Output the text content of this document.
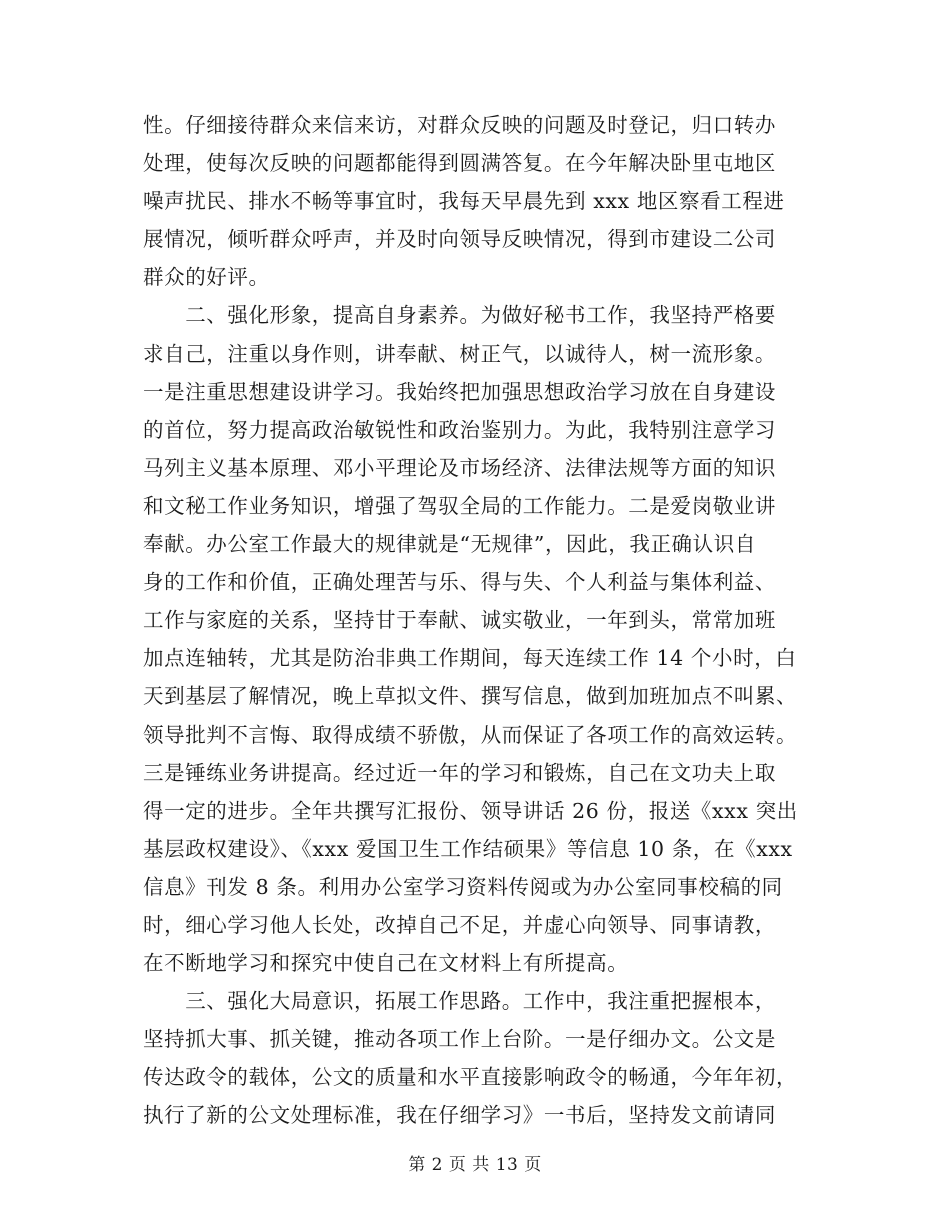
性。仔细接待群众来信来访，对群众反映的问题及时登记，归口转办
处理，使每次反映的问题都能得到圆满答复。在今年解决卧里屯地区
噪声扰民、排水不畅等事宜时，我每天早晨先到 xxx 地区察看工程进
展情况，倾听群众呼声，并及时向领导反映情况，得到市建设二公司
群众的好评。
　　二、强化形象，提高自身素养。为做好秘书工作，我坚持严格要
求自己，注重以身作则，讲奉献、树正气，以诚待人，树一流形象。
一是注重思想建设讲学习。我始终把加强思想政治学习放在自身建设
的首位，努力提高政治敏锐性和政治鉴别力。为此，我特别注意学习
马列主义基本原理、邓小平理论及市场经济、法律法规等方面的知识
和文秘工作业务知识，增强了驾驭全局的工作能力。二是爱岗敬业讲
奉献。办公室工作最大的规律就是“无规律”，因此，我正确认识自
身的工作和价值，正确处理苦与乐、得与失、个人利益与集体利益、
工作与家庭的关系，坚持甘于奉献、诚实敬业，一年到头，常常加班
加点连轴转，尤其是防治非典工作期间，每天连续工作 14 个小时，白
天到基层了解情况，晚上草拟文件、撰写信息，做到加班加点不叫累、
领导批判不言悔、取得成绩不骄傲，从而保证了各项工作的高效运转。
三是锤练业务讲提高。经过近一年的学习和锻炼，自己在文功夫上取
得一定的进步。全年共撰写汇报份、领导讲话 26 份，报送《xxx 突出
基层政权建设》、《xxx 爱国卫生工作结硕果》等信息 10 条，在《xxx
信息》刊发 8 条。利用办公室学习资料传阅或为办公室同事校稿的同
时，细心学习他人长处，改掉自己不足，并虚心向领导、同事请教，
在不断地学习和探究中使自己在文材料上有所提高。
　　三、强化大局意识，拓展工作思路。工作中，我注重把握根本，
坚持抓大事、抓关键，推动各项工作上台阶。一是仔细办文。公文是
传达政令的载体，公文的质量和水平直接影响政令的畅通，今年年初，
执行了新的公文处理标准，我在仔细学习》一书后，坚持发文前请同
第 2 页 共 13 页
